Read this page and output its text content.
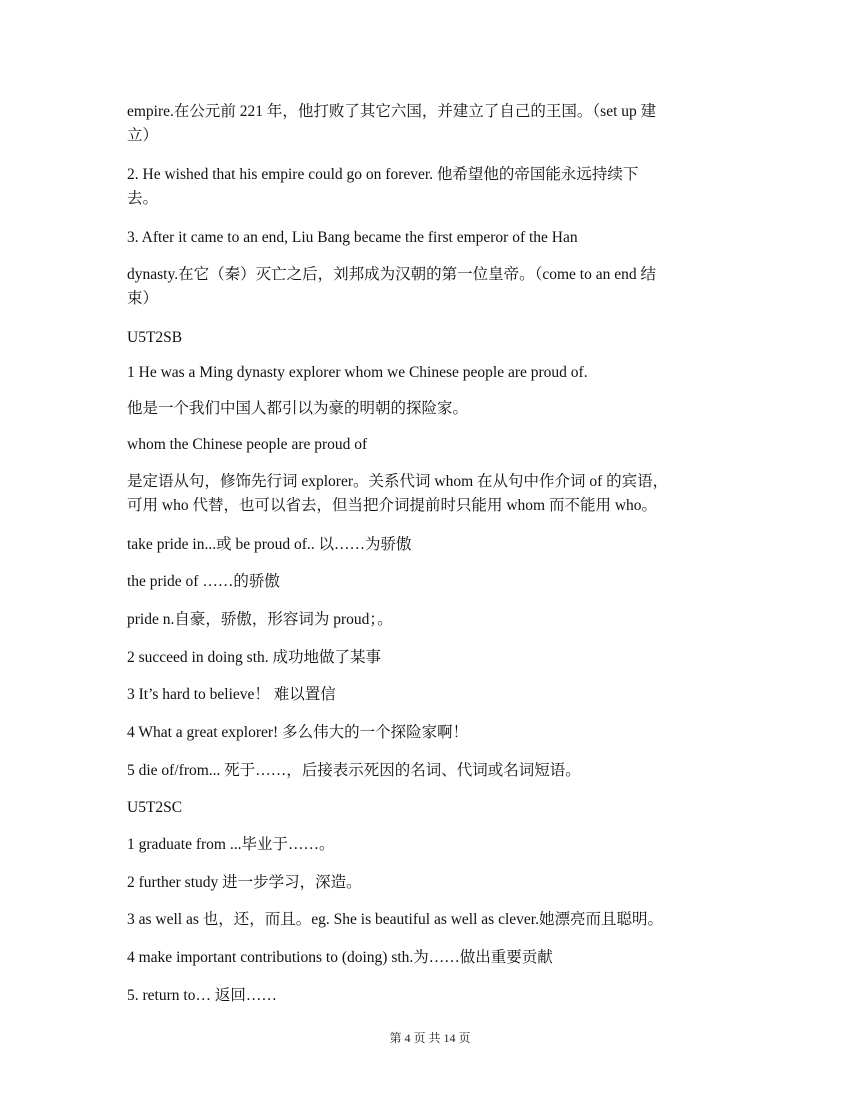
empire.在公元前 221 年，他打败了其它六国，并建立了自己的王国。（set up 建
立）
2. He wished that his empire could go on forever. 他希望他的帝国能永远持续下
去。
3. After it came to an end, Liu Bang became the first emperor of the Han
dynasty.在它（秦）灭亡之后，刘邦成为汉朝的第一位皇帝。（come to an end 结
束）
U5T2SB
1 He was a Ming dynasty explorer whom we Chinese people are proud of.
他是一个我们中国人都引以为豪的明朝的探险家。
whom the Chinese people are proud of
是定语从句，修饰先行词 explorer。关系代词 whom 在从句中作介词 of 的宾语，
可用 who 代替，也可以省去，但当把介词提前时只能用 whom 而不能用 who。
take pride in...或 be proud of.. 以……为骄傲
the pride of ……的骄傲
pride n.自豪，骄傲，形容词为 proud；。
2 succeed in doing sth. 成功地做了某事
3 It’s hard to believe！ 难以置信
4 What a great explorer! 多么伟大的一个探险家啊！
5 die of/from... 死于……，后接表示死因的名词、代词或名词短语。
U5T2SC
1 graduate from ...毕业于……。
2 further study 进一步学习，深造。
3 as well as 也，还，而且。eg. She is beautiful as well as clever.她漂亮而且聪明。
4 make important contributions to (doing) sth.为……做出重要贡献
5. return to… 返回……
第 4 页 共 14 页
